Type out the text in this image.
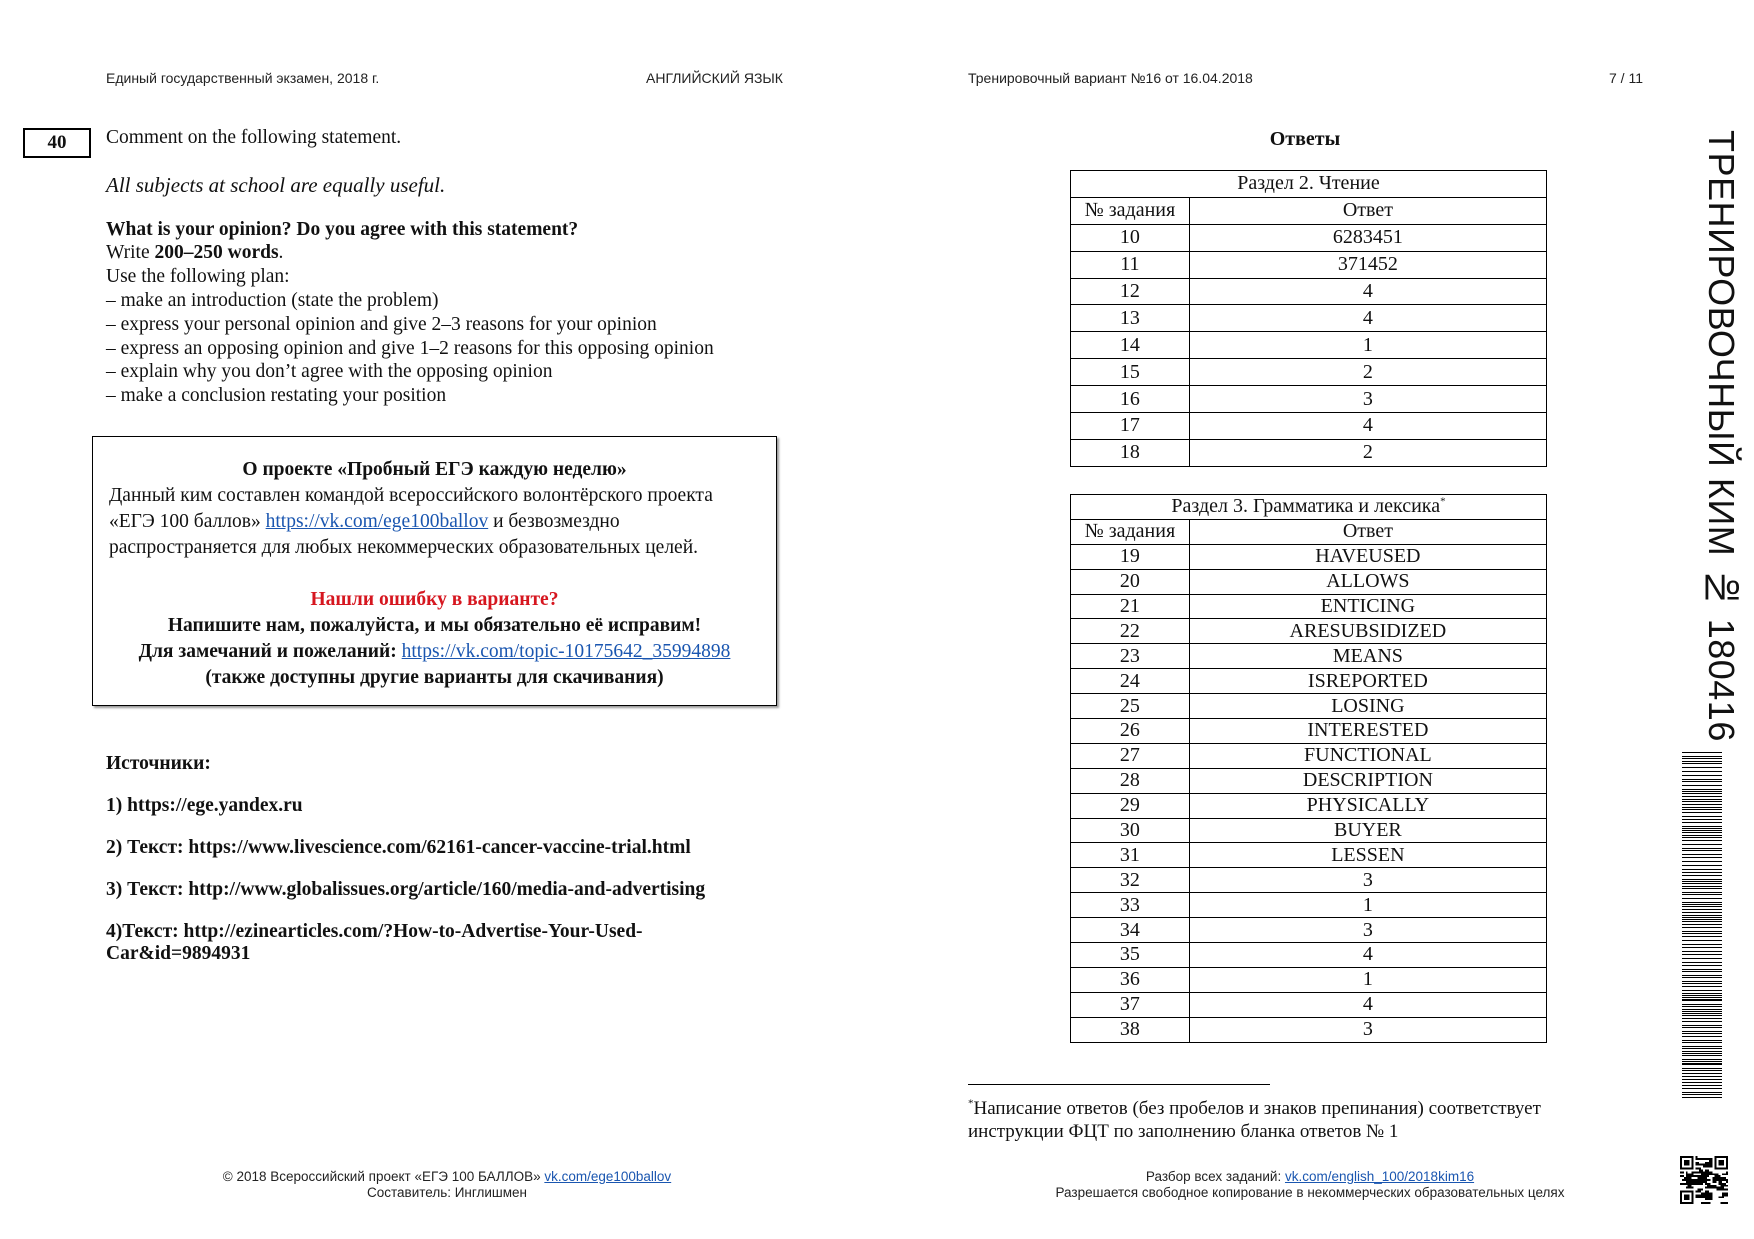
Единый государственный экзамен, 2018 г.	АНГЛИЙСКИЙ ЯЗЫК	Тренировочный вариант №16 от 16.04.2018	7 / 11
40	Comment on the following statement.

All subjects at school are equally useful.

What is your opinion? Do you agree with this statement?

Write 200–250 words.

Use the following plan:

– make an introduction (state the problem)

– express your personal opinion and give 2–3 reasons for your opinion

– express an opposing opinion and give 1–2 reasons for this opposing opinion

– explain why you don’t agree with the opposing opinion

– make a conclusion restating your position

О проекте «Пробный ЕГЭ каждую неделю»
Данный ким составлен командой всероссийского волонтёрского проекта
«ЕГЭ 100 баллов» https://vk.com/ege100ballov и безвозмездно
распространяется для любых некоммерческих образовательных целей.
Нашли ошибку в варианте?
Напишите нам, пожалуйста, и мы обязательно её исправим!
Для замечаний и пожеланий: https://vk.com/topic-10175642_35994898
(также доступны другие варианты для скачивания)

Источники:

1) https://ege.yandex.ru

2) Текст: https://www.livescience.com/62161-cancer-vaccine-trial.html

3) Текст: http://www.globalissues.org/article/160/media-and-advertising

4)Текст: http://ezinearticles.com/?How-to-Advertise-Your-Used-Car&id=9894931

Ответы
Раздел 2. Чтение	
№ задания	Ответ
10	6283451
11	371452
12	4
13	4
14	1
15	2
16	3
17	4
18	2
Раздел 3. Грамматика и лексика*
№ задания	Ответ
19	HAVEUSED
20	ALLOWS
21	ENTICING
22	ARESUBSIDIZED
23	MEANS
24	ISREPORTED
25	LOSING
26	INTERESTED
27	FUNCTIONAL
28	DESCRIPTION
29	PHYSICALLY
30	BUYER
31	LESSEN
32	3
33	1
34	3
35	4
36	1
37	4
38	3
*Написание ответов (без пробелов и знаков препинания) соответствует
инструкции ФЦТ по заполнению бланка ответов № 1
© 2018 Всероссийский проект «ЕГЭ 100 БАЛЛОВ» vk.com/ege100ballov
Составитель: Инглишмен
Разбор всех заданий: vk.com/english_100/2018kim16
Разрешается свободное копирование в некоммерческих образовательных целях
ТРЕНИРОВОЧНЫЙ КИМ № 180416
